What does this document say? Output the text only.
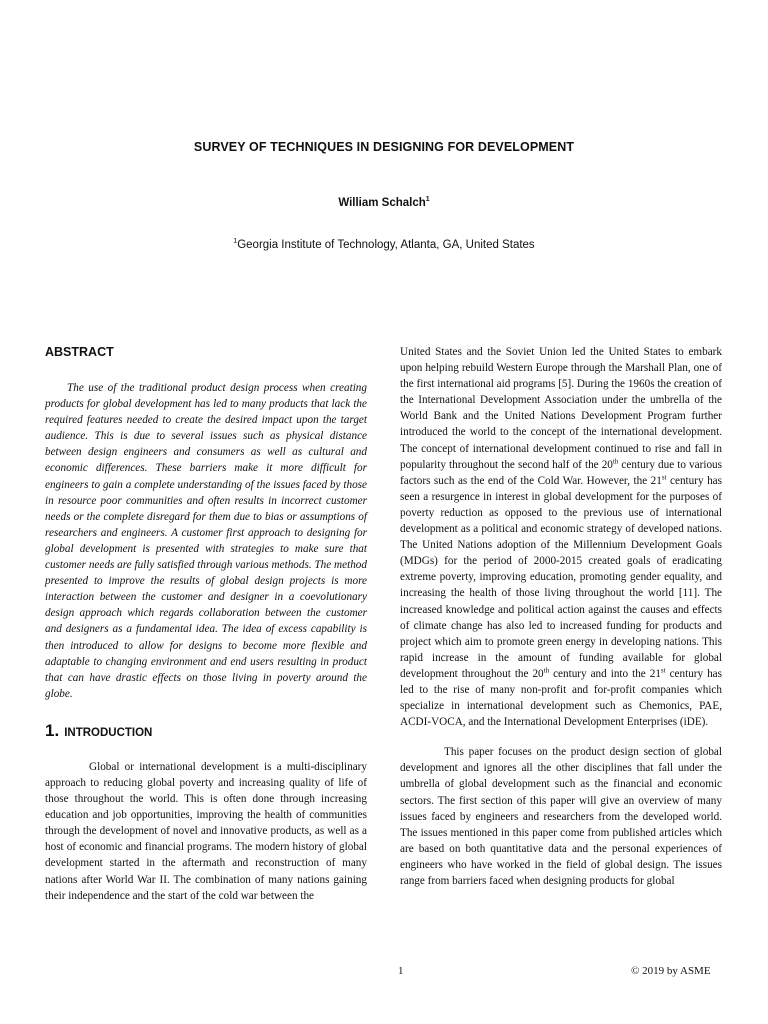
SURVEY OF TECHNIQUES IN DESIGNING FOR DEVELOPMENT
William Schalch$^1$
$^1$Georgia Institute of Technology, Atlanta, GA, United States
ABSTRACT

The use of the traditional product design process when creating products for global development has led to many products that lack the required features needed to create the desired impact upon the target audience. This is due to several issues such as physical distance between design engineers and consumers as well as cultural and economic differences. These barriers make it more difficult for engineers to gain a complete understanding of the issues faced by those in resource poor communities and often results in incorrect customer needs or the complete disregard for them due to bias or assumptions of researchers and engineers. A customer first approach to designing for global development is presented with strategies to make sure that customer needs are fully satisfied through various methods. The method presented to improve the results of global design projects is more interaction between the customer and designer in a coevolutionary design approach which regards collaboration between the customer and designers as a fundamental idea. The idea of excess capability is then introduced to allow for designs to become more flexible and adaptable to changing environment and end users resulting in product that can have drastic effects on those living in poverty around the globe.

1. INTRODUCTION

Global or international development is a multi-disciplinary approach to reducing global poverty and increasing quality of life of those throughout the world. This is often done through increasing education and job opportunities, improving the health of communities through the development of novel and innovative products, as well as a host of economic and financial programs. The modern history of global development started in the aftermath and reconstruction of many nations after World War II. The combination of many nations gaining their independence and the start of the cold war between the

United States and the Soviet Union led the United States to embark upon helping rebuild Western Europe through the Marshall Plan, one of the first international aid programs [5]. During the 1960s the creation of the International Development Association under the umbrella of the World Bank and the United Nations Development Program further introduced the world to the concept of the international development. The concept of international development continued to rise and fall in popularity throughout the second half of the 20th century due to various factors such as the end of the Cold War. However, the 21st century has seen a resurgence in interest in global development for the purposes of poverty reduction as opposed to the previous use of international development as a political and economic strategy of developed nations. The United Nations adoption of the Millennium Development Goals (MDGs) for the period of 2000-2015 created goals of eradicating extreme poverty, improving education, promoting gender equality, and increasing the health of those living throughout the world [11]. The increased knowledge and political action against the causes and effects of climate change has also led to increased funding for products and project which aim to promote green energy in developing nations. This rapid increase in the amount of funding available for global development throughout the 20th century and into the 21st century has led to the rise of many non-profit and for-profit companies which specialize in international development such as Chemonics, PAE, ACDI-VOCA, and the International Development Enterprises (iDE).

This paper focuses on the product design section of global development and ignores all the other disciplines that fall under the umbrella of global development such as the financial and economic sectors. The first section of this paper will give an overview of many issues faced by engineers and researchers from the developed world. The issues mentioned in this paper come from published articles which are based on both quantitative data and the personal experiences of engineers who have worked in the field of global design. The issues range from barriers faced when designing products for global

1	© 2019 by ASME
